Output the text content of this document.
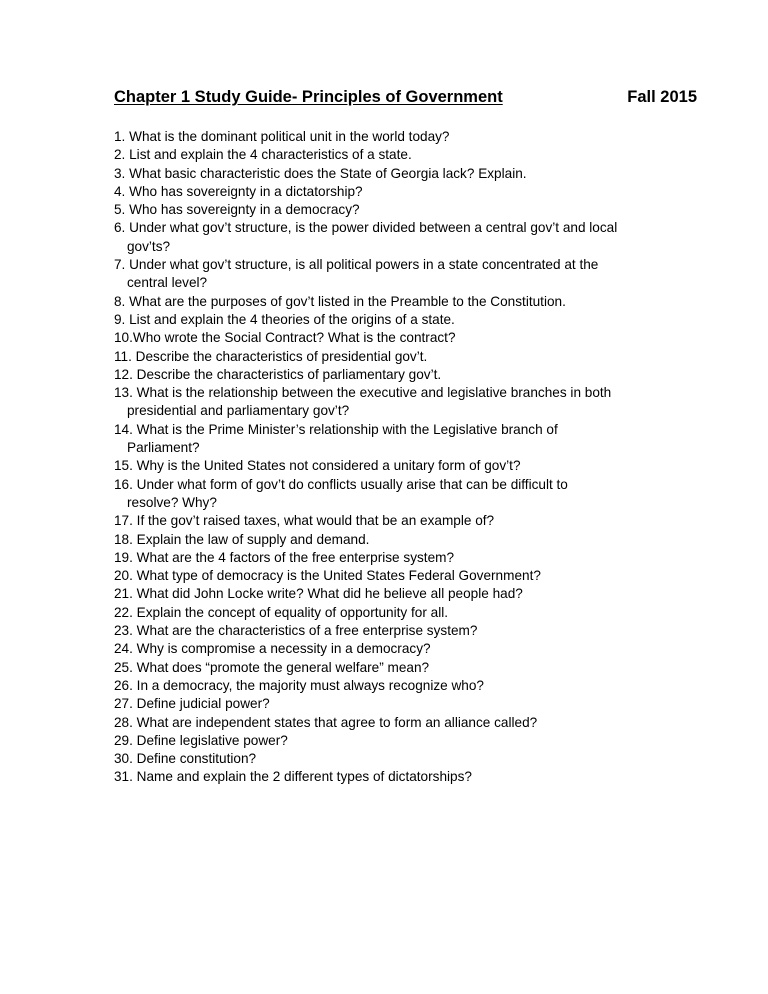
Chapter 1 Study Guide- Principles of Government	Fall 2015
1. What is the dominant political unit in the world today?
2. List and explain the 4 characteristics of a state.
3. What basic characteristic does the State of Georgia lack? Explain.
4. Who has sovereignty in a dictatorship?
5. Who has sovereignty in a democracy?
6. Under what gov’t structure, is the power divided between a central gov’t and local
gov’ts?
7. Under what gov’t structure, is all political powers in a state concentrated at the
central level?
8. What are the purposes of gov’t listed in the Preamble to the Constitution.
9. List and explain the 4 theories of the origins of a state.
10.Who wrote the Social Contract? What is the contract?
11. Describe the characteristics of presidential gov’t.
12. Describe the characteristics of parliamentary gov’t.
13. What is the relationship between the executive and legislative branches in both
presidential and parliamentary gov’t?
14. What is the Prime Minister’s relationship with the Legislative branch of
Parliament?
15. Why is the United States not considered a unitary form of gov’t?
16. Under what form of gov’t do conflicts usually arise that can be difficult to
resolve? Why?
17. If the gov’t raised taxes, what would that be an example of?
18. Explain the law of supply and demand.
19. What are the 4 factors of the free enterprise system?
20. What type of democracy is the United States Federal Government?
21. What did John Locke write? What did he believe all people had?
22. Explain the concept of equality of opportunity for all.
23. What are the characteristics of a free enterprise system?
24. Why is compromise a necessity in a democracy?
25. What does “promote the general welfare” mean?
26. In a democracy, the majority must always recognize who?
27. Define judicial power?
28. What are independent states that agree to form an alliance called?
29. Define legislative power?
30. Define constitution?
31. Name and explain the 2 different types of dictatorships?
